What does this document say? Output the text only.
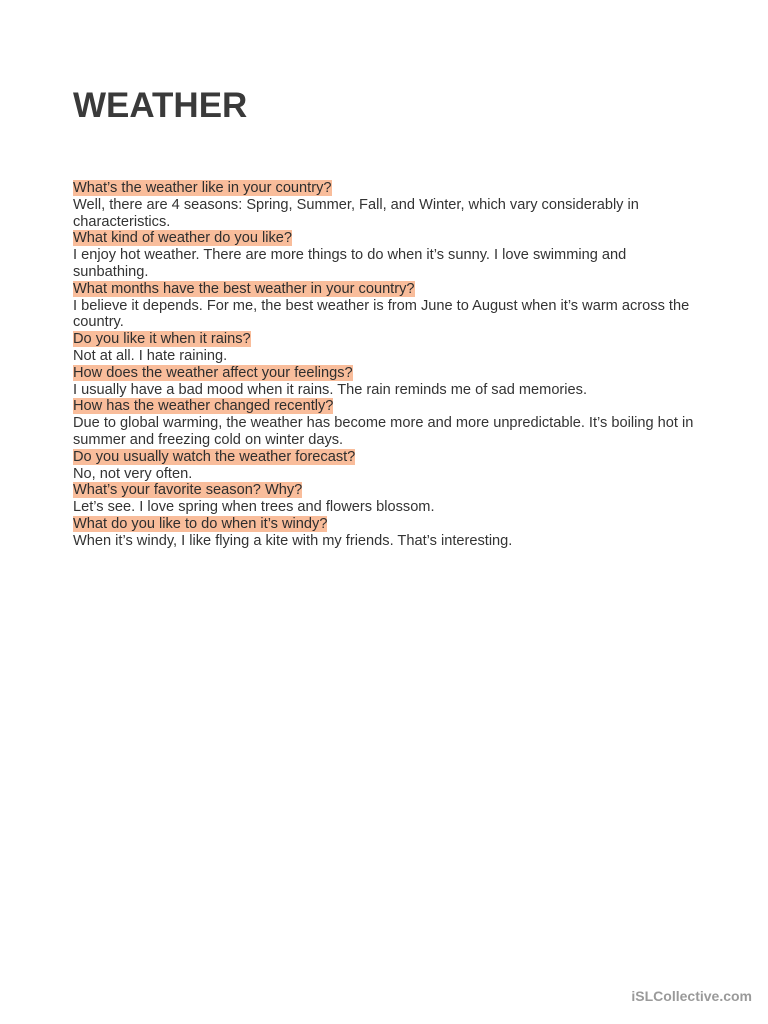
WEATHER
What’s the weather like in your country?
Well, there are 4 seasons: Spring, Summer, Fall, and Winter, which vary considerably in characteristics.
What kind of weather do you like?
I enjoy hot weather. There are more things to do when it’s sunny. I love swimming and sunbathing.
What months have the best weather in your country?
I believe it depends. For me, the best weather is from June to August when it’s warm across the country.
Do you like it when it rains?
Not at all. I hate raining.
How does the weather affect your feelings?
I usually have a bad mood when it rains. The rain reminds me of sad memories.
How has the weather changed recently?
Due to global warming, the weather has become more and more unpredictable. It’s boiling hot in summer and freezing cold on winter days.
Do you usually watch the weather forecast?
No, not very often.
What’s your favorite season? Why?
Let’s see. I love spring when trees and flowers blossom.
What do you like to do when it’s windy?
When it’s windy, I like flying a kite with my friends. That’s interesting.
iSLCollective.com
